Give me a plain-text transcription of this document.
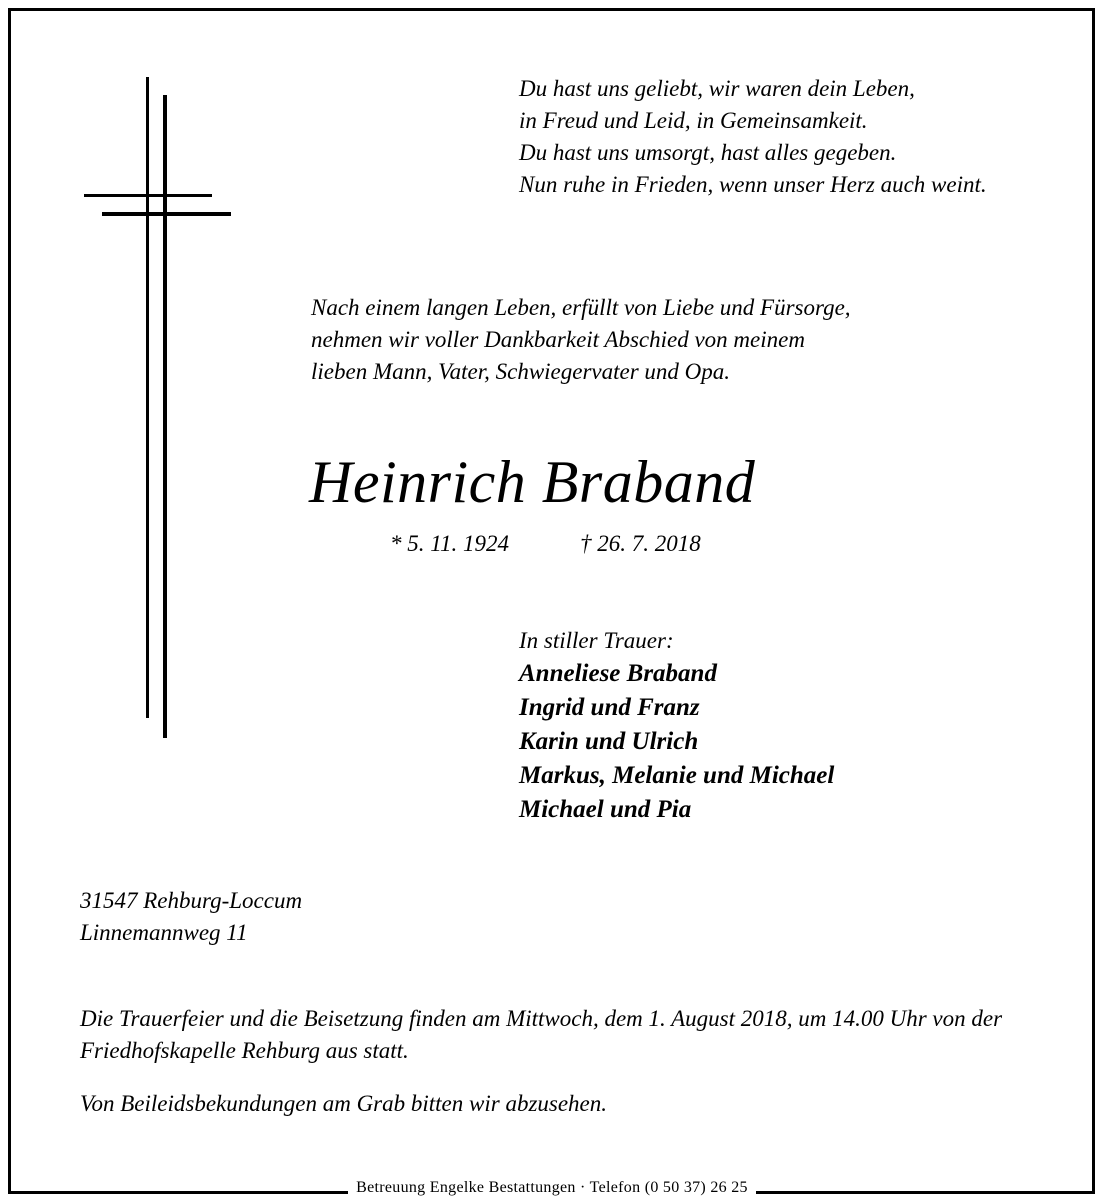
Du hast uns geliebt, wir waren dein Leben,
in Freud und Leid, in Gemeinsamkeit.
Du hast uns umsorgt, hast alles gegeben.
Nun ruhe in Frieden, wenn unser Herz auch weint.
Nach einem langen Leben, erfüllt von Liebe und Fürsorge,
nehmen wir voller Dankbarkeit Abschied von meinem
lieben Mann, Vater, Schwiegervater und Opa.
Heinrich Braband
* 5. 11. 1924	† 26. 7. 2018
In stiller Trauer:
Anneliese Braband
Ingrid und Franz
Karin und Ulrich
Markus, Melanie und Michael
Michael und Pia
31547 Rehburg-Loccum
Linnemannweg 11
Die Trauerfeier und die Beisetzung finden am Mittwoch, dem 1. August 2018, um 14.00 Uhr von der Friedhofskapelle Rehburg aus statt.
Von Beileidsbekundungen am Grab bitten wir abzusehen.
Betreuung Engelke Bestattungen · Telefon (0 50 37) 26 25
